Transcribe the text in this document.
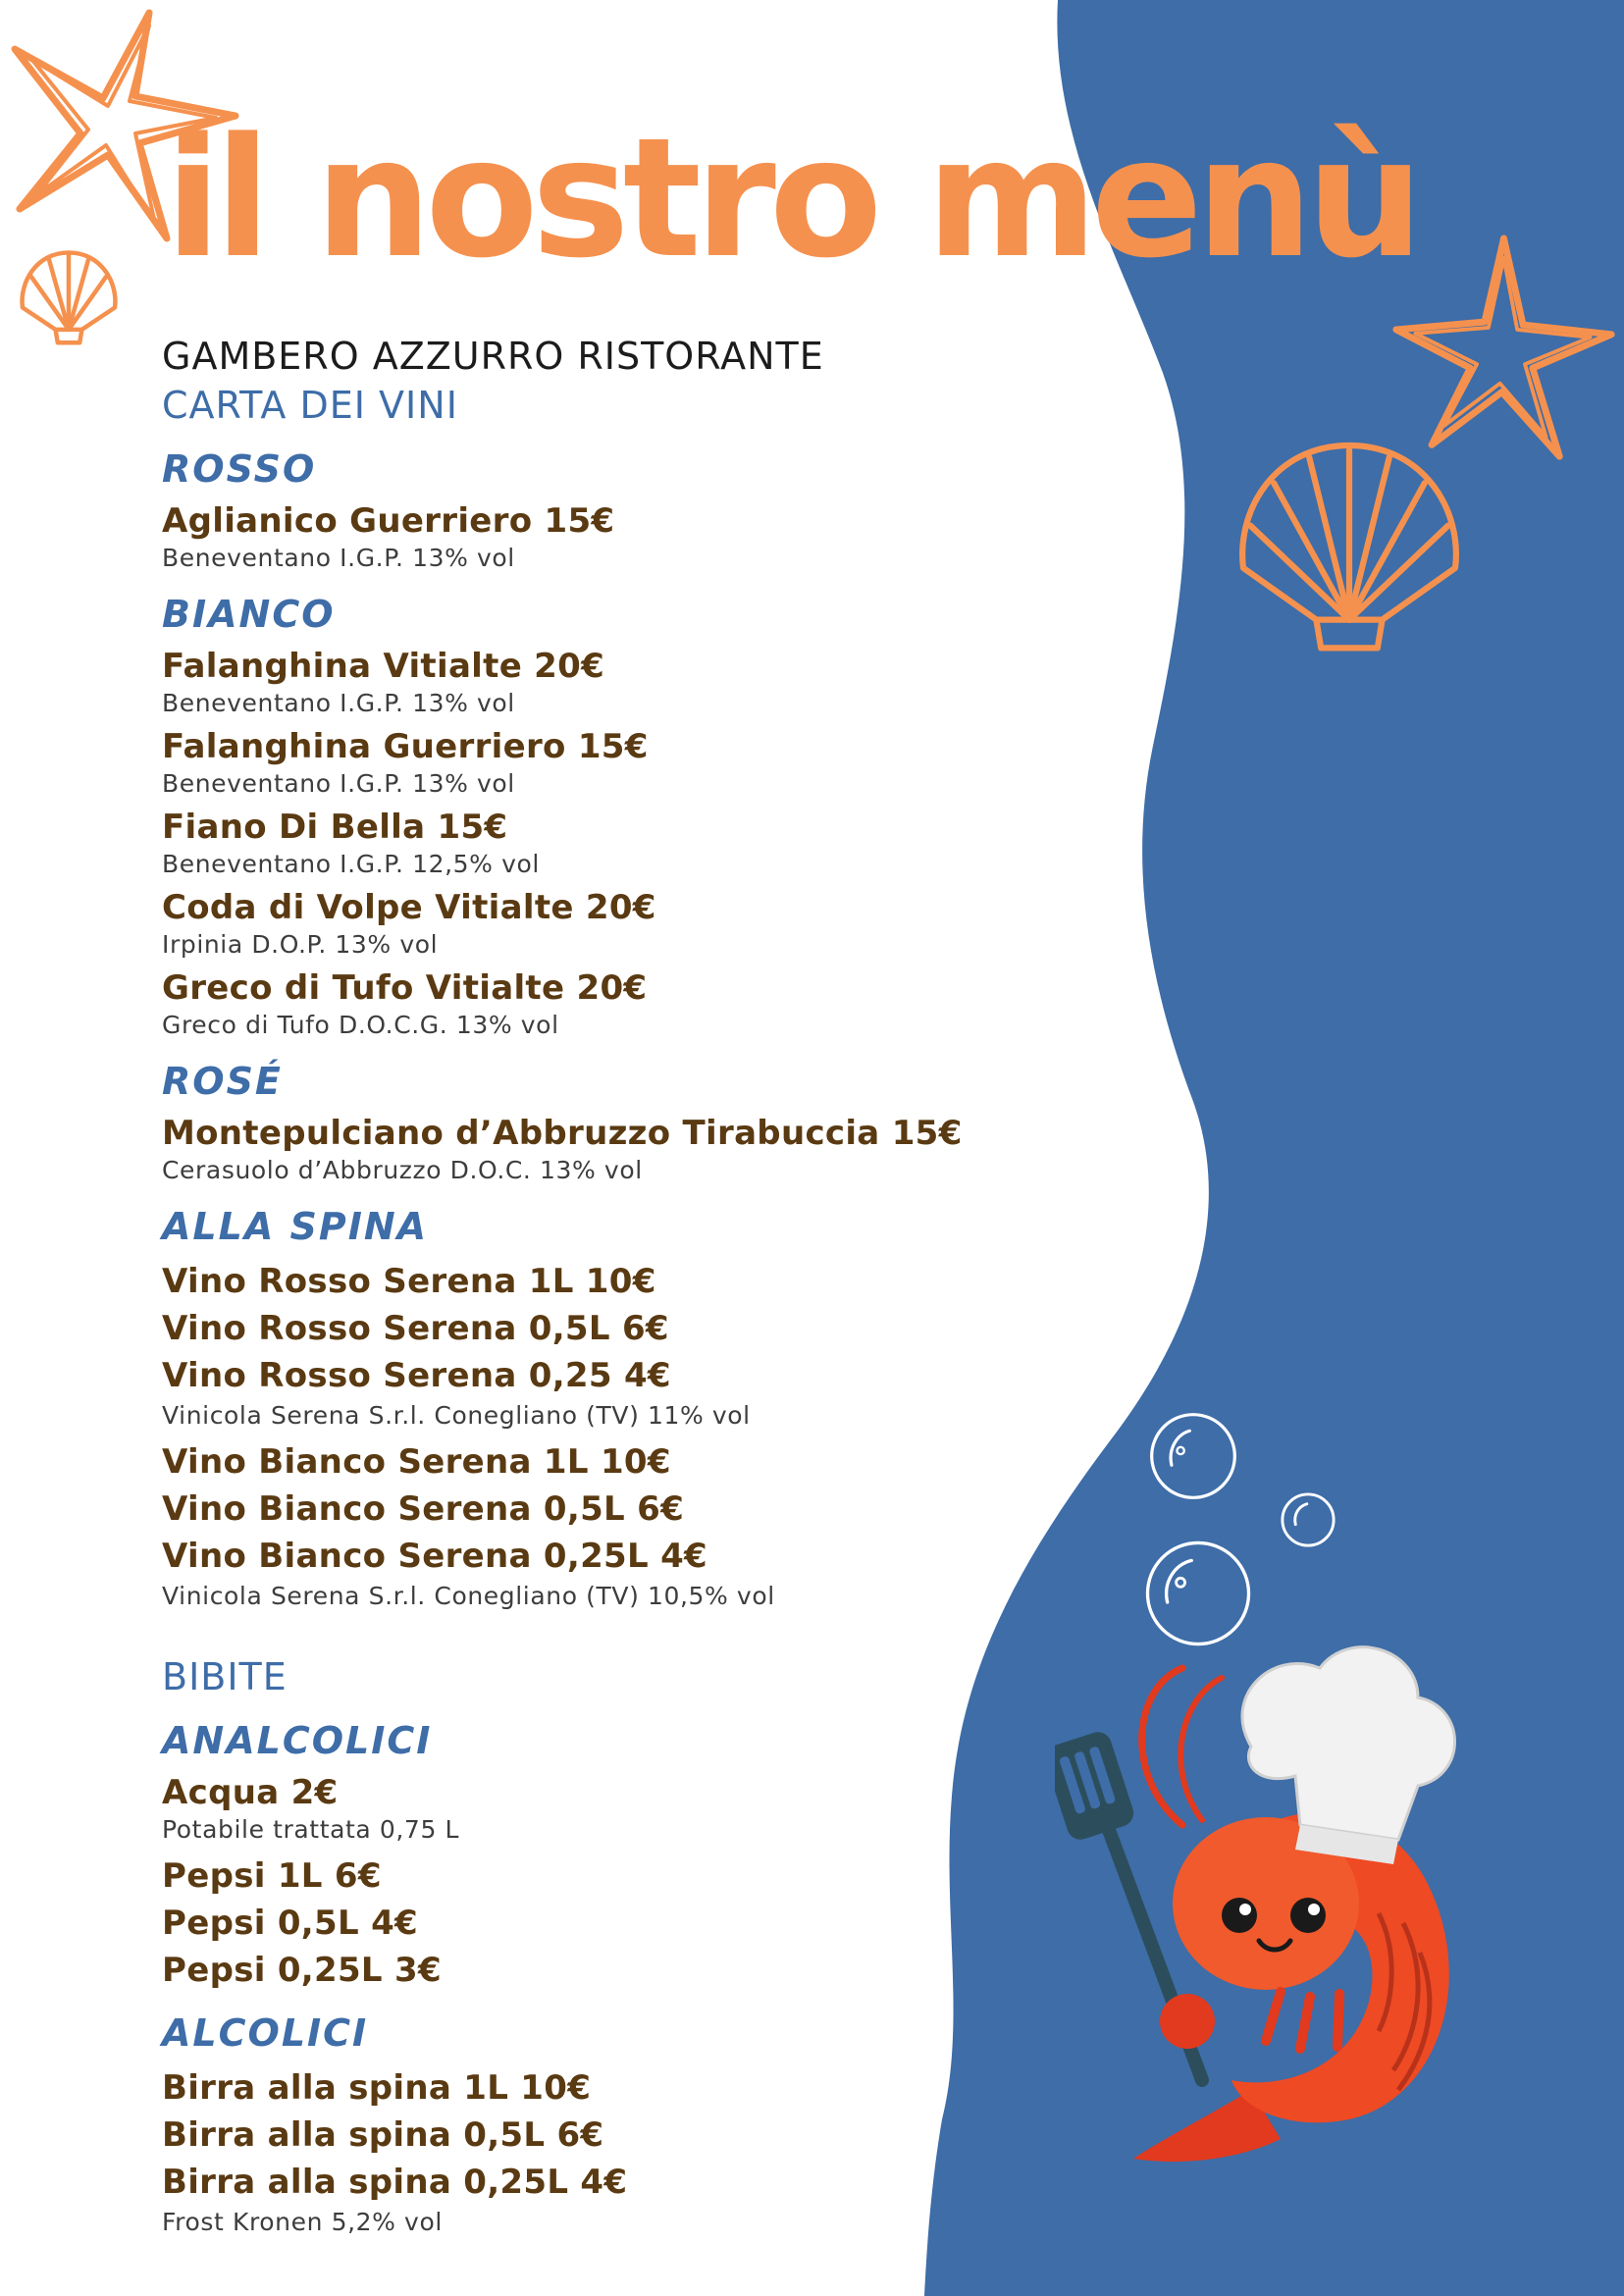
il nostro menù
GAMBERO AZZURRO RISTORANTE
CARTA DEI VINI
ROSSO
Aglianico Guerriero 15€
Beneventano I.G.P. 13% vol
BIANCO
Falanghina Vitialte 20€
Beneventano I.G.P. 13% vol
Falanghina Guerriero 15€
Beneventano I.G.P. 13% vol
Fiano Di Bella 15€
Beneventano I.G.P. 12,5% vol
Coda di Volpe Vitialte 20€
Irpinia D.O.P. 13% vol
Greco di Tufo Vitialte 20€
Greco di Tufo D.O.C.G. 13% vol
ROSÉ
Montepulciano d’Abbruzzo Tirabuccia 15€
Cerasuolo d’Abbruzzo D.O.C. 13% vol
ALLA SPINA
Vino Rosso Serena 1L 10€
Vino Rosso Serena 0,5L 6€
Vino Rosso Serena 0,25 4€
Vinicola Serena S.r.l. Conegliano (TV) 11% vol
Vino Bianco Serena 1L 10€
Vino Bianco Serena 0,5L 6€
Vino Bianco Serena 0,25L 4€
Vinicola Serena S.r.l. Conegliano (TV) 10,5% vol
BIBITE
ANALCOLICI
Acqua 2€
Potabile trattata 0,75 L
Pepsi 1L 6€
Pepsi 0,5L 4€
Pepsi 0,25L 3€
ALCOLICI
Birra alla spina 1L 10€
Birra alla spina 0,5L 6€
Birra alla spina 0,25L 4€
Frost Kronen 5,2% vol
